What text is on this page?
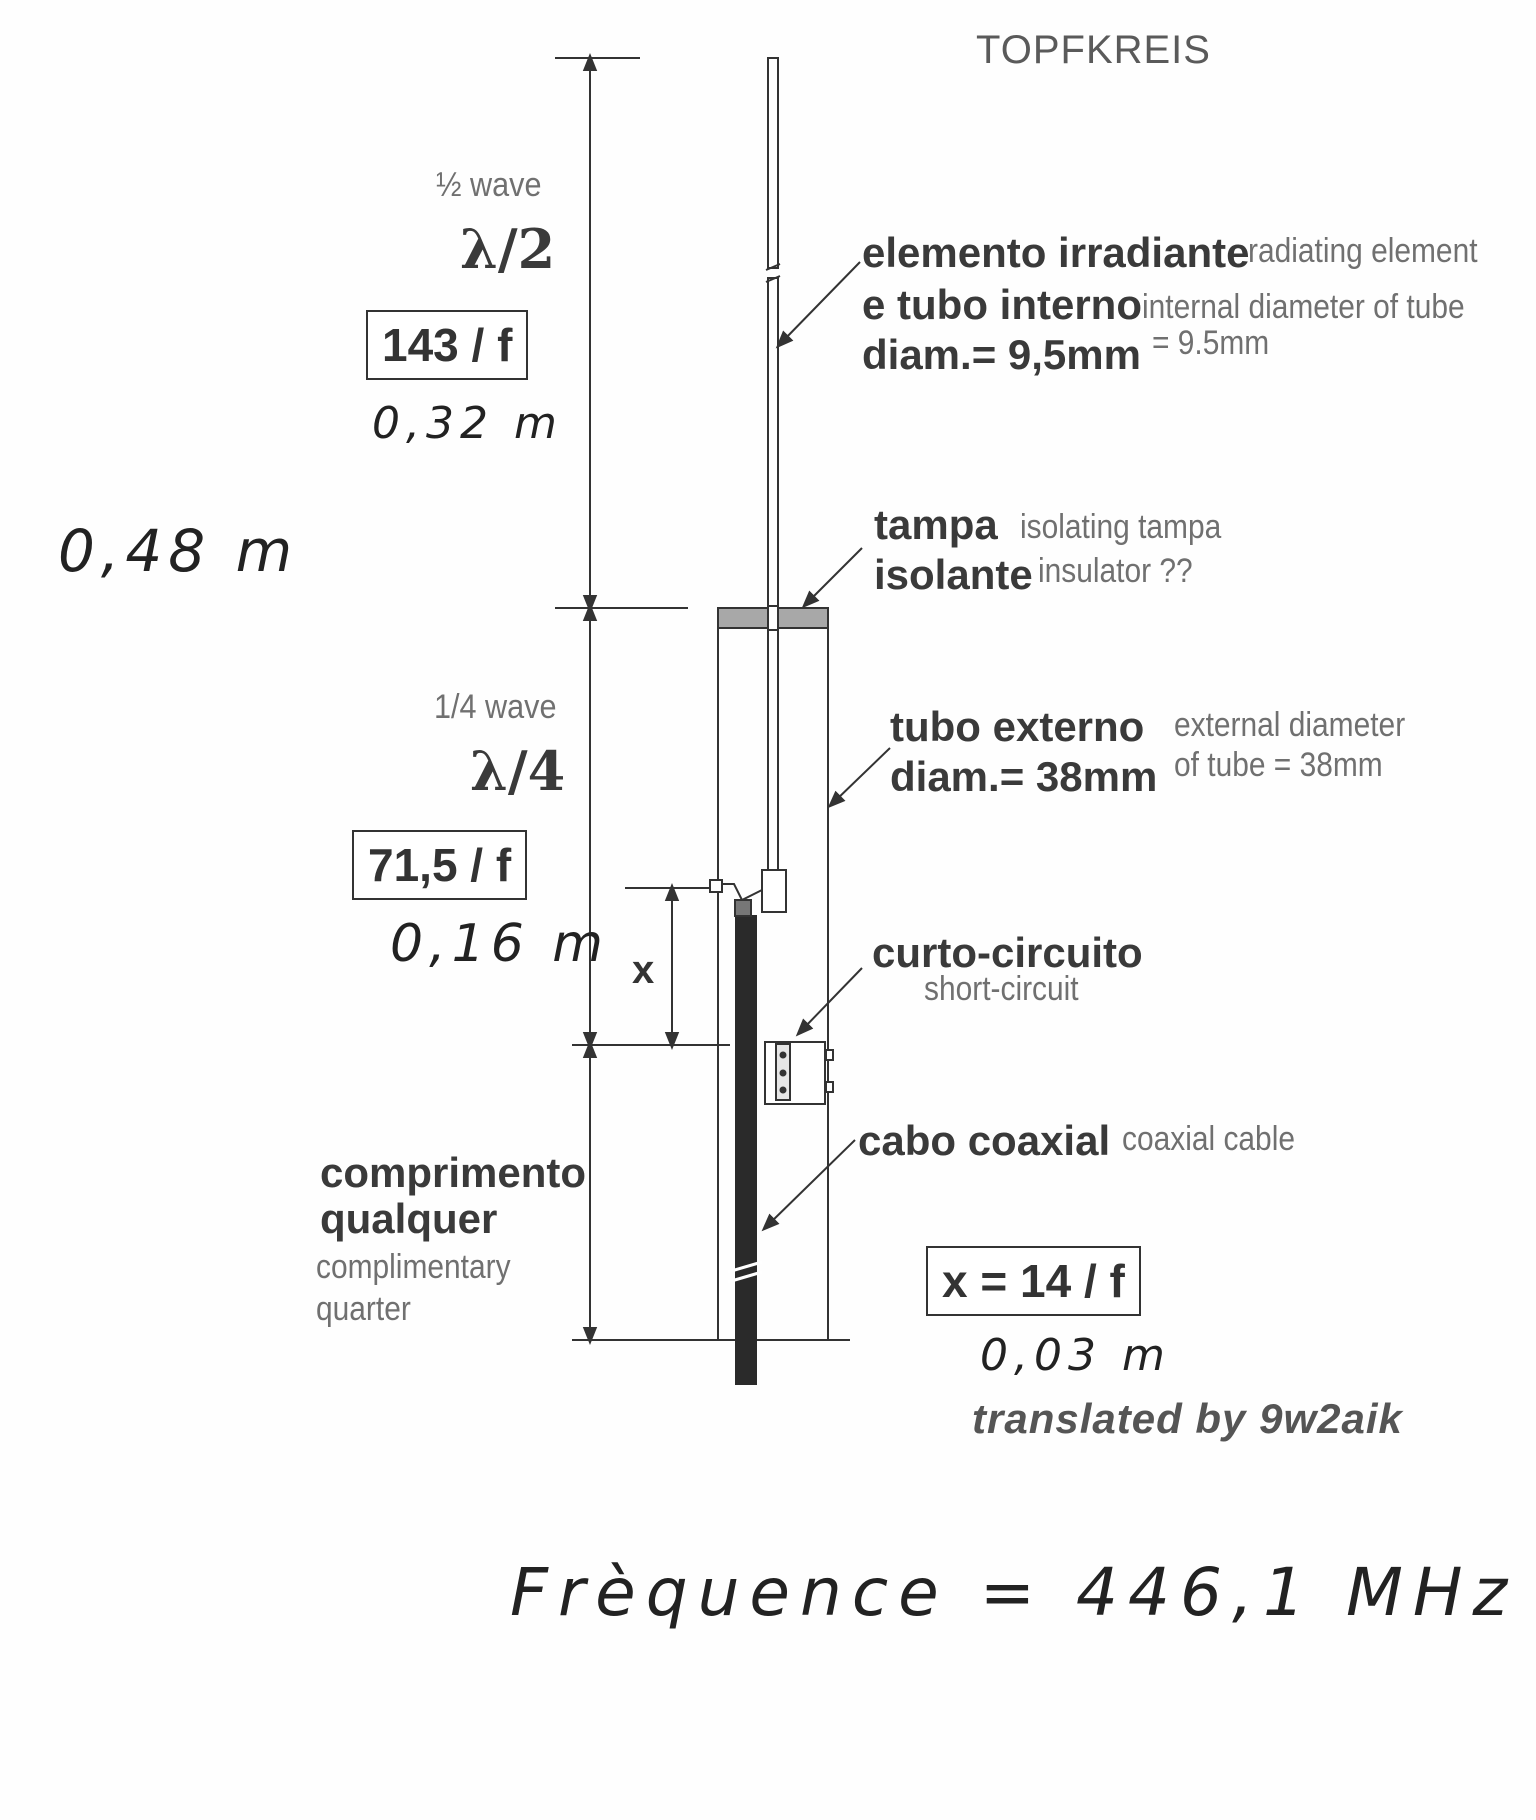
TOPFKREIS
½ wave
λ/2
143 / f
0,32 m
0,48 m
1/4 wave
λ/4
71,5 / f
0,16 m x
elemento irradiante
radiating element
e tubo interno internal diameter of tube
diam.= 9,5mm = 9.5mm
tampa isolating tampa
isolante insulator ??
tubo externo external diameter
diam.= 38mm of tube = 38mm
curto-circuito
short-circuit
cabo coaxial coaxial cable
comprimento
qualquer
complimentary
quarter
x = 14 / f
0,03 m
translated by 9w2aik
Frèquence = 446,1 MHz
